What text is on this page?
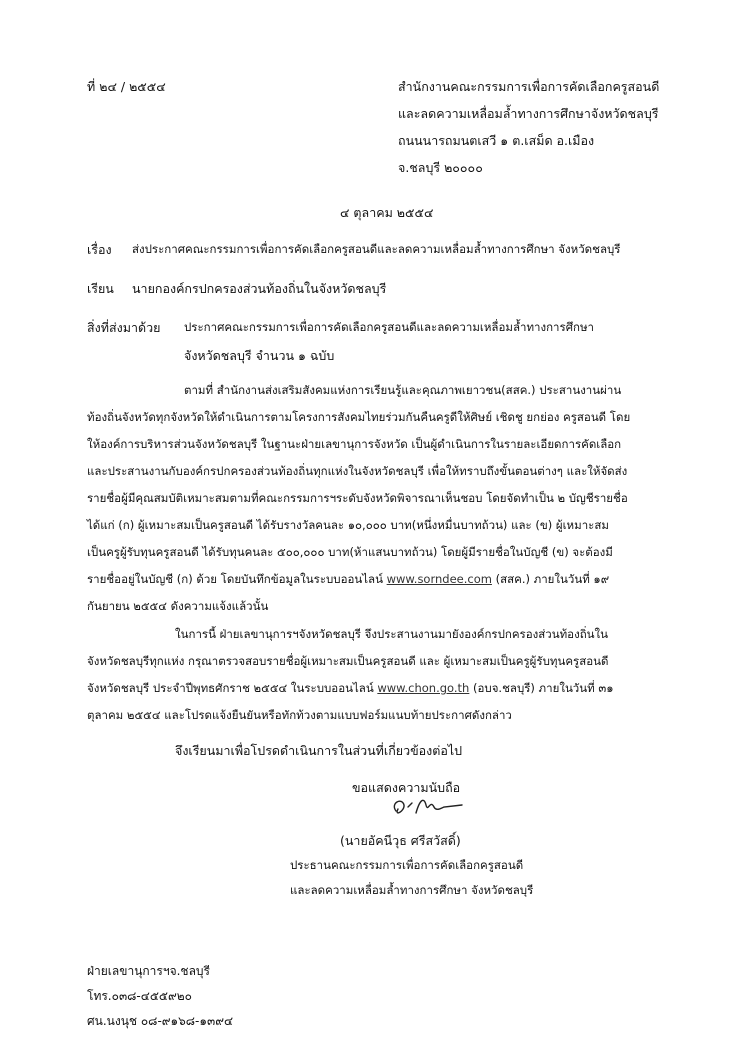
ที่ ๒๔ / ๒๕๕๔	สำนักงานคณะกรรมการเพื่อการคัดเลือกครูสอนดี
และลดความเหลื่อมล้ำทางการศึกษาจังหวัดชลบุรี
ถนนนารถมนตเสวี ๑ ต.เสม็ด อ.เมือง
จ.ชลบุรี ๒๐๐๐๐
๔ ตุลาคม ๒๕๕๔
เรื่อง ส่งประกาศคณะกรรมการเพื่อการคัดเลือกครูสอนดีและลดความเหลื่อมล้ำทางการศึกษา จังหวัดชลบุรี
เรียน นายกองค์กรปกครองส่วนท้องถิ่นในจังหวัดชลบุรี
สิ่งที่ส่งมาด้วย ประกาศคณะกรรมการเพื่อการคัดเลือกครูสอนดีและลดความเหลื่อมล้ำทางการศึกษา
จังหวัดชลบุรี จำนวน ๑ ฉบับ
ตามที่ สำนักงานส่งเสริมสังคมแห่งการเรียนรู้และคุณภาพเยาวชน(สสค.) ประสานงานผ่าน
ท้องถิ่นจังหวัดทุกจังหวัดให้ดำเนินการตามโครงการสังคมไทยร่วมกันคืนครูดีให้ศิษย์ เชิดชู ยกย่อง ครูสอนดี โดย
ให้องค์การบริหารส่วนจังหวัดชลบุรี ในฐานะฝ่ายเลขานุการจังหวัด เป็นผู้ดำเนินการในรายละเอียดการคัดเลือก
และประสานงานกับองค์กรปกครองส่วนท้องถิ่นทุกแห่งในจังหวัดชลบุรี เพื่อให้ทราบถึงขั้นตอนต่างๆ และให้จัดส่ง
รายชื่อผู้มีคุณสมบัติเหมาะสมตามที่คณะกรรมการฯระดับจังหวัดพิจารณาเห็นชอบ โดยจัดทำเป็น ๒ บัญชีรายชื่อ
ได้แก่ (ก) ผู้เหมาะสมเป็นครูสอนดี ได้รับรางวัลคนละ ๑๐,๐๐๐ บาท(หนึ่งหมื่นบาทถ้วน) และ (ข) ผู้เหมาะสม
เป็นครูผู้รับทุนครูสอนดี ได้รับทุนคนละ ๕๐๐,๐๐๐ บาท(ห้าแสนบาทถ้วน) โดยผู้มีรายชื่อในบัญชี (ข) จะต้องมี
รายชื่ออยู่ในบัญชี (ก) ด้วย โดยบันทึกข้อมูลในระบบออนไลน์ www.sorndee.com (สสค.) ภายในวันที่ ๑๙
กันยายน ๒๕๕๔ ดังความแจ้งแล้วนั้น
ในการนี้ ฝ่ายเลขานุการฯจังหวัดชลบุรี จึงประสานงานมายังองค์กรปกครองส่วนท้องถิ่นใน
จังหวัดชลบุรีทุกแห่ง กรุณาตรวจสอบรายชื่อผู้เหมาะสมเป็นครูสอนดี และ ผู้เหมาะสมเป็นครูผู้รับทุนครูสอนดี
จังหวัดชลบุรี ประจำปีพุทธศักราช ๒๕๕๔ ในระบบออนไลน์ www.chon.go.th (อบจ.ชลบุรี) ภายในวันที่ ๓๑
ตุลาคม ๒๕๕๔ และโปรดแจ้งยืนยันหรือทักท้วงตามแบบฟอร์มแนบท้ายประกาศดังกล่าว
จึงเรียนมาเพื่อโปรดดำเนินการในส่วนที่เกี่ยวข้องต่อไป
ขอแสดงความนับถือ
(นายอัคนีวุธ ศรีสวัสดิ์)
ประธานคณะกรรมการเพื่อการคัดเลือกครูสอนดี
และลดความเหลื่อมล้ำทางการศึกษา จังหวัดชลบุรี
ฝ่ายเลขานุการฯจ.ชลบุรี
โทร.๐๓๘-๔๕๕๙๒๐
ศน.นงนุช ๐๘-๙๑๖๘-๑๓๙๔
